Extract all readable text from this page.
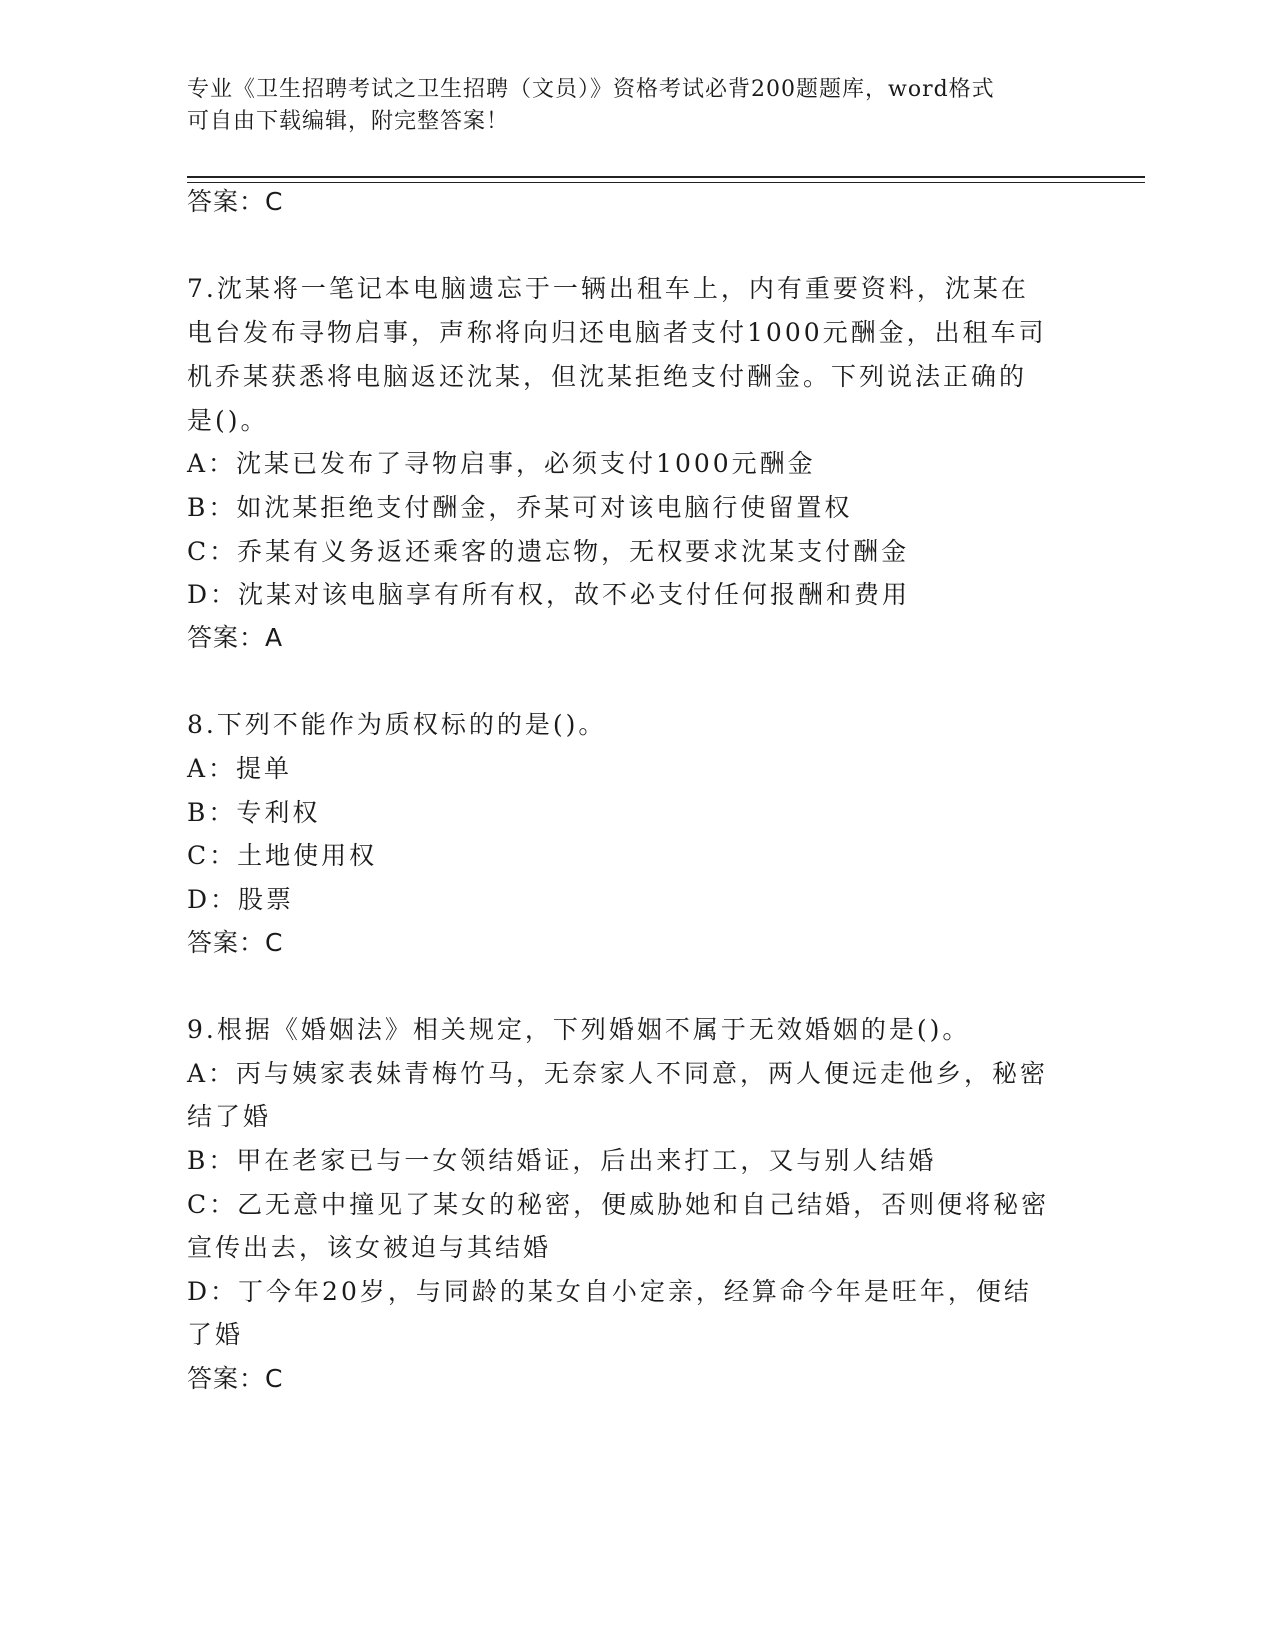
专业《卫生招聘考试之卫生招聘（文员）》资格考试必背200题题库，word格式
可自由下载编辑，附完整答案！
答案：C
7.沈某将一笔记本电脑遗忘于一辆出租车上，内有重要资料，沈某在
电台发布寻物启事，声称将向归还电脑者支付1000元酬金，出租车司
机乔某获悉将电脑返还沈某，但沈某拒绝支付酬金。下列说法正确的
是()。
A：沈某已发布了寻物启事，必须支付1000元酬金
B：如沈某拒绝支付酬金，乔某可对该电脑行使留置权
C：乔某有义务返还乘客的遗忘物，无权要求沈某支付酬金
D：沈某对该电脑享有所有权，故不必支付任何报酬和费用
答案：A
8.下列不能作为质权标的的是()。
A：提单
B：专利权
C：土地使用权
D：股票
答案：C
9.根据《婚姻法》相关规定，下列婚姻不属于无效婚姻的是()。
A：丙与姨家表妹青梅竹马，无奈家人不同意，两人便远走他乡，秘密
结了婚
B：甲在老家已与一女领结婚证，后出来打工，又与别人结婚
C：乙无意中撞见了某女的秘密，便威胁她和自己结婚，否则便将秘密
宣传出去，该女被迫与其结婚
D：丁今年20岁，与同龄的某女自小定亲，经算命今年是旺年，便结
了婚
答案：C
